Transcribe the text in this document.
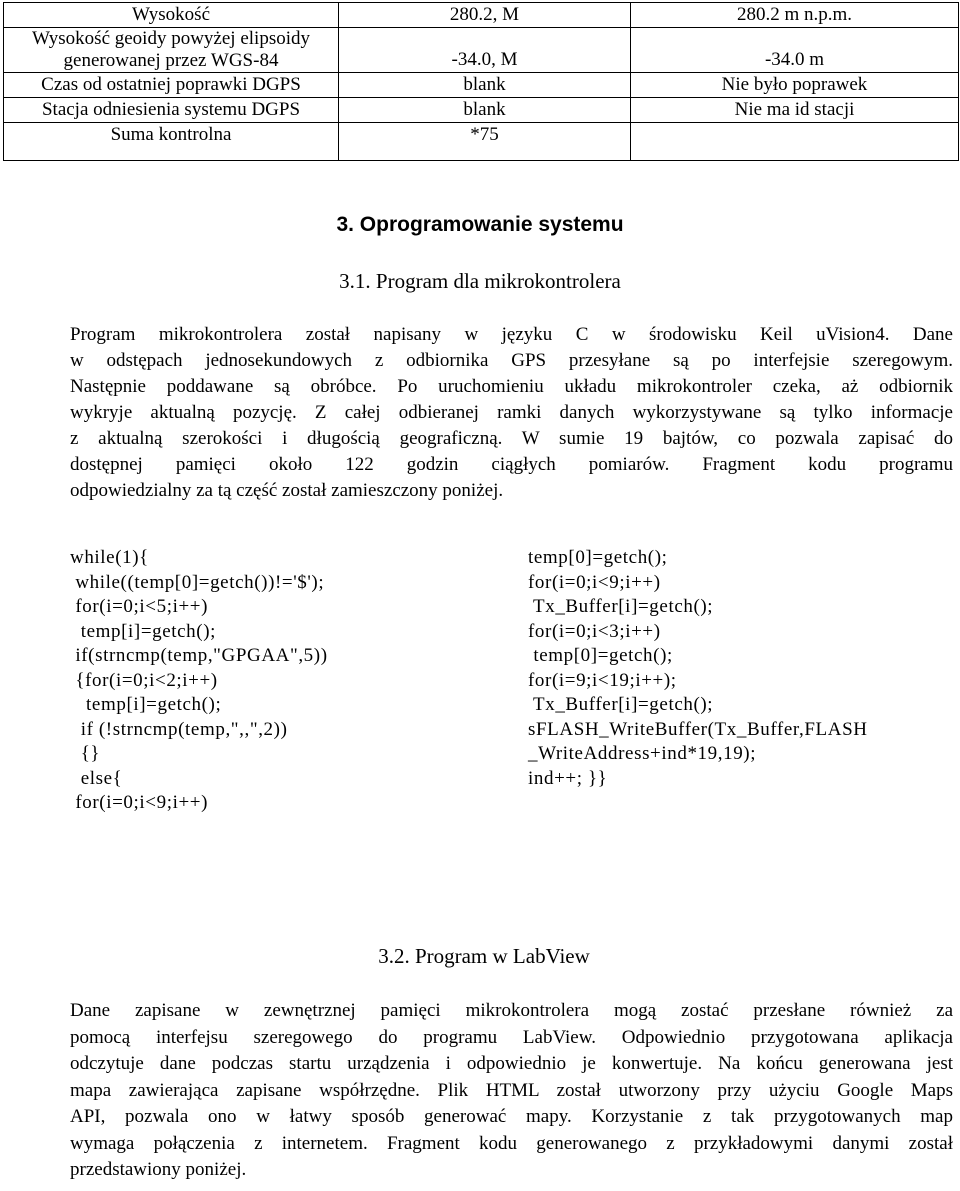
Wysokość	280.2, M	280.2 m n.p.m.

Wysokość geoidy powyżej elipsoidy
generowanej przez WGS-84	-34.0, M	-34.0 m
Czas od ostatniej poprawki DGPS	blank	Nie było poprawek
Stacja odniesienia systemu DGPS	blank	Nie ma id stacji
Suma kontrolna	*75	
3. Oprogramowanie systemu
3.1. Program dla mikrokontrolera

Program mikrokontrolera został napisany w języku C w środowisku Keil uVision4. Dane
w odstępach jednosekundowych z odbiornika GPS przesyłane są po interfejsie szeregowym.
Następnie poddawane są obróbce. Po uruchomieniu układu mikrokontroler czeka, aż odbiornik
wykryje aktualną pozycję. Z całej odbieranej ramki danych wykorzystywane są tylko informacje
z aktualną szerokości i długością geograficzną. W sumie 19 bajtów, co pozwala zapisać do
dostępnej pamięci około 122 godzin ciągłych pomiarów. Fragment kodu programu
odpowiedzialny za tą część został zamieszczony poniżej.

while(1){
while((temp[0]=getch())!='$');
for(i=0;i<5;i++)
temp[i]=getch();
if(strncmp(temp,"GPGAA",5))
{for(i=0;i<2;i++)
temp[i]=getch();
if (!strncmp(temp,",,",2))
{}
else{
for(i=0;i<9;i++)
temp[0]=getch();
for(i=0;i<9;i++)
Tx_Buffer[i]=getch();
for(i=0;i<3;i++)
temp[0]=getch();
for(i=9;i<19;i++);
Tx_Buffer[i]=getch();
sFLASH_WriteBuffer(Tx_Buffer,FLASH
_WriteAddress+ind*19,19);
ind++; }}
3.2. Program w LabView

Dane zapisane w zewnętrznej pamięci mikrokontrolera mogą zostać przesłane również za
pomocą interfejsu szeregowego do programu LabView. Odpowiednio przygotowana aplikacja
odczytuje dane podczas startu urządzenia i odpowiednio je konwertuje. Na końcu generowana jest
mapa zawierająca zapisane współrzędne. Plik HTML został utworzony przy użyciu Google Maps
API, pozwala ono w łatwy sposób generować mapy. Korzystanie z tak przygotowanych map
wymaga połączenia z internetem. Fragment kodu generowanego z przykładowymi danymi został
przedstawiony poniżej.
